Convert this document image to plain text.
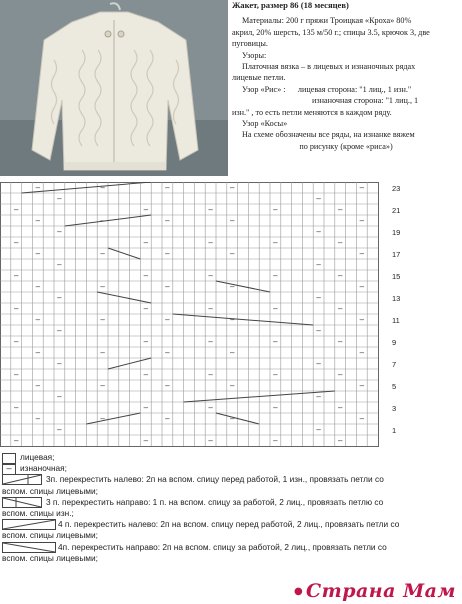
Жакет, размер 86 (18 месяцев)

Материалы: 200 г пряжи Троицкая «Кроха» 80%

акрил, 20% шерсть, 135 м/50 г.; спицы 3.5, крючок 3, две

пуговицы.

Узоры:

Платочная вязка – в лицевых и изнаночных рядах

лицевые петли.

Узор «Рис» :      лицевая сторона: "1 лиц., 1 изн."

изнаночная сторона: "1 лиц., 1

изн." , то есть петли меняются в каждом ряду.

Узор «Косы»

На схеме обозначены все ряды, на изнанке вяжем

по рисунку (кроме «риса»)

–	–	–	–	–
–	–
–	–	–	–	–
–	–	–	–	–
–	–
–	–	–	–	–
–	–	–	–	–
–	–
–	–	–	–	–
–	–	–	–	–
–	–
–	–	–	–	–
–	–	–	–	–
–	–
–	–	–	–	–
–	–	–	–	–
–	–
–	–	–	–	–
–	–	–	–	–
–	–
–	–	–	–	–
–	–	–	–	–
–	–
–	–	–	–	–
23
21
19
17
15
13
11
9
7
5
3
1
лицевая;
–	изнаночная;
3п. перекрестить налево: 2п на вспом. спицу перед работой, 1 изн., провязать петли со
вспом. спицы лицевыми;
3 п. перекрестить направо: 1 п. на вспом. спицу за работой, 2 лиц., провязать петлю со
вспом. спицы изн.;
4 п. перекрестить налево: 2п на вспом. спицу перед работой, 2 лиц., провязать петли со
вспом. спицы лицевыми;
4п. перекрестить направо: 2п на вспом. спицу за работой, 2 лиц., провязать петли со
вспом. спицы лицевыми;
● Страна Мам
